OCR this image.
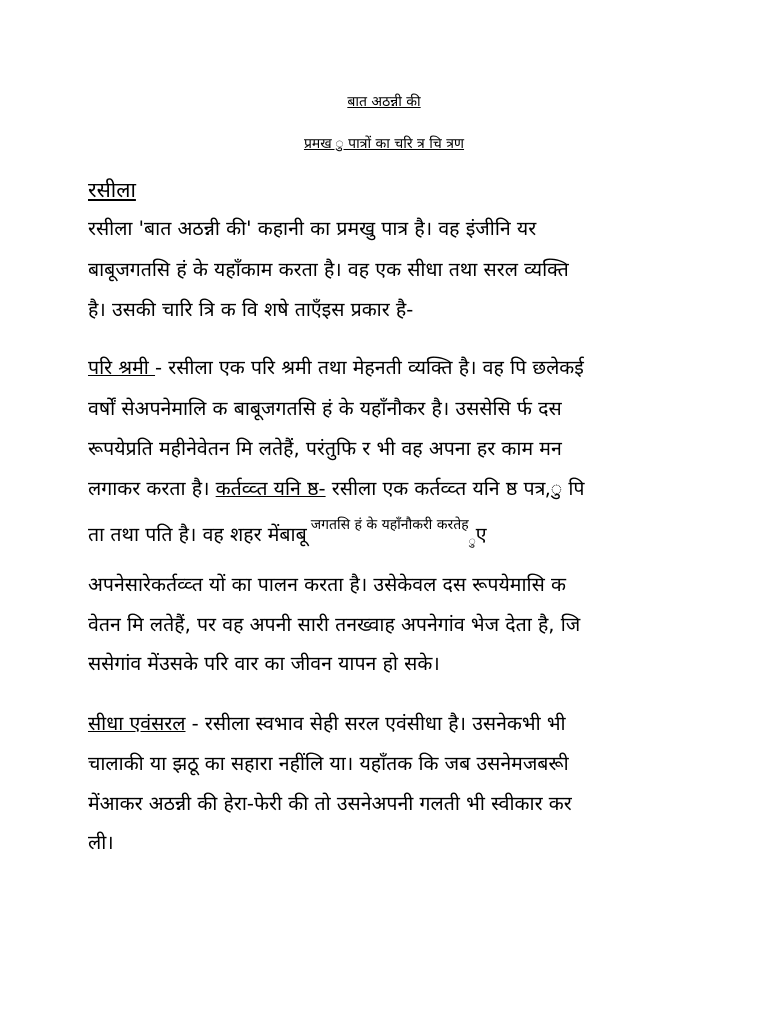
बात अठन्नी की
प्रमख ु पात्रों का चरि त्र चि त्रण
रसीला
रसीला 'बात अठन्नी की' कहानी का प्रमखु पात्र है। वह इंजीनि यर
बाबूजगतसि हं के यहाँकाम करता है। वह एक सीधा तथा सरल व्यक्ति
है। उसकी चारि त्रि क वि शषे ताएँइस प्रकार है-
परि श्रमी - रसीला एक परि श्रमी तथा मेहनती व्यक्ति है। वह पि छलेकई
वर्षों सेअपनेमालि क बाबूजगतसि हं के यहाँनौकर है। उससेसि र्फ दस
रूपयेप्रति महीनेवेतन मि लतेहैं, परंतुफि र भी वह अपना हर काम मन
लगाकर करता है। कर्तव्व्त यनि ष्ठ- रसीला एक कर्तव्व्त यनि ष्ठ पत्र,ु पि
ता तथा पति है। वह शहर मेंबाबू $^{जगतसि हं के यहाँनौकरी करतेह}_ु$ए
अपनेसारेकर्तव्व्त यों का पालन करता है। उसेकेवल दस रूपयेमासि क
वेतन मि लतेहैं, पर वह अपनी सारी तनख्वाह अपनेगांव भेज देता है, जि
ससेगांव मेंउसके परि वार का जीवन यापन हो सके।
सीधा एवंसरल - रसीला स्वभाव सेही सरल एवंसीधा है। उसनेकभी भी
चालाकी या झठू का सहारा नहींलि या। यहाँतक कि जब उसनेमजबरूी
मेंआकर अठन्नी की हेरा-फेरी की तो उसनेअपनी गलती भी स्वीकार कर
ली।
